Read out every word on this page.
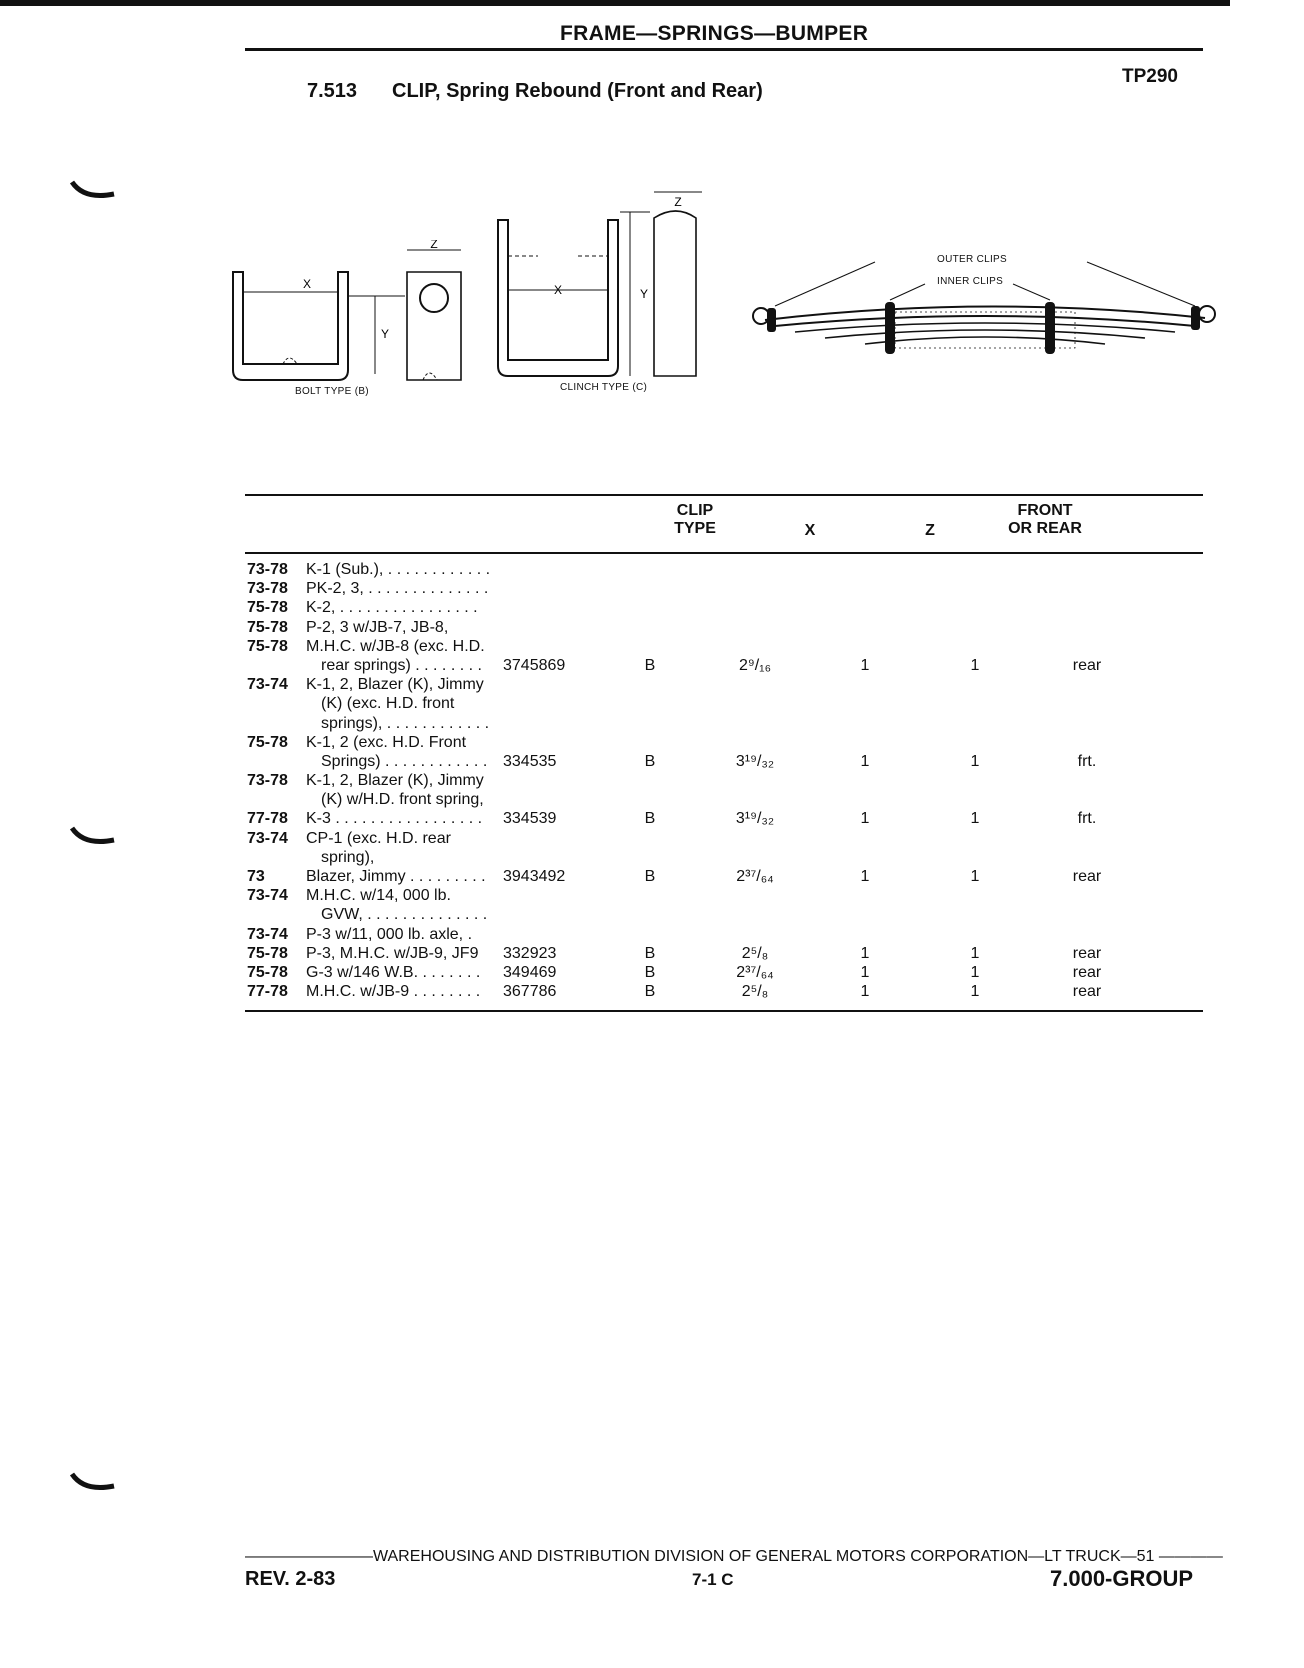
FRAME—SPRINGS—BUMPER
7.513 CLIP, Spring Rebound (Front and Rear)
TP290
X
Y
Z
BOLT TYPE (B)
X	Y
Z
CLINCH TYPE (C)
OUTER CLIPS
INNER CLIPS
CLIP
TYPE	X	Z
FRONT
OR REAR
73-78 K-1 (Sub.), . . . . . . . . . . . .
73-78 PK-2, 3, . . . . . . . . . . . . . .
75-78 K-2, . . . . . . . . . . . . . . . .
75-78 P-2, 3 w/JB-7, JB-8,
75-78 M.H.C. w/JB-8 (exc. H.D.
rear springs) . . . . . . . . 3745869	B	2⁹/₁₆	1	1	rear
73-74 K-1, 2, Blazer (K), Jimmy
(K) (exc. H.D. front
springs), . . . . . . . . . . . .
75-78 K-1, 2 (exc. H.D. Front
Springs) . . . . . . . . . . . . 334535	B	3¹⁹/₃₂	1	1	frt.
73-78 K-1, 2, Blazer (K), Jimmy
(K) w/H.D. front spring,
77-78 K-3 . . . . . . . . . . . . . . . . . 334539	B	3¹⁹/₃₂	1	1	frt.
73-74 CP-1 (exc. H.D. rear
spring),
73	Blazer, Jimmy . . . . . . . . . 3943492	B	2³⁷/₆₄	1	1	rear
73-74 M.H.C. w/14, 000 lb.
GVW, . . . . . . . . . . . . . .
73-74 P-3 w/11, 000 lb. axle, .
75-78 P-3, M.H.C. w/JB-9, JF9 332923	B	2⁵/₈	1	1	rear
75-78 G-3 w/146 W.B. . . . . . . . 349469	B	2³⁷/₆₄	1	1	rear
77-78 M.H.C. w/JB-9 . . . . . . . . 367786	B	2⁵/₈	1	1	rear
————————WAREHOUSING AND DISTRIBUTION DIVISION OF GENERAL MOTORS CORPORATION—LT TRUCK—51 ————
REV. 2-83	7-1 C	7.000-GROUP
